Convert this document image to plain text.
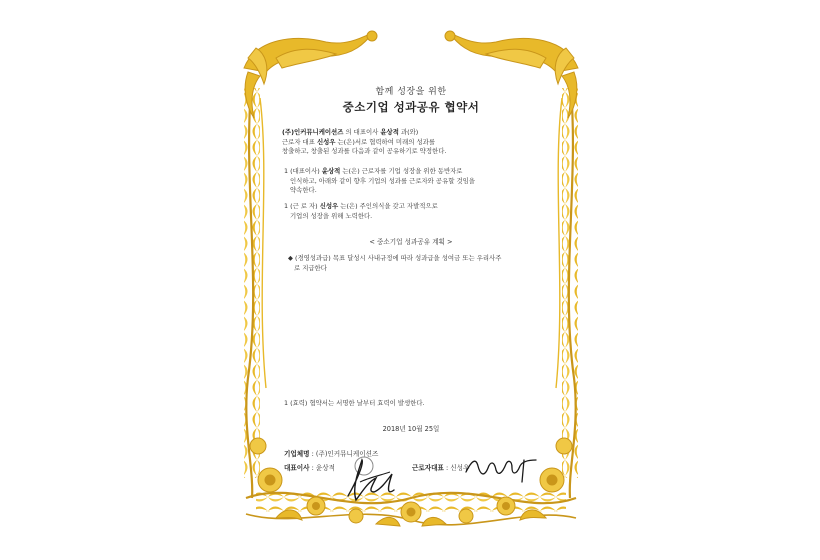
함께 성장을 위한
중소기업 성과공유 협약서
(주)인커뮤니케이션즈 의 대표이사 윤상적 과(와)
근로자 대표 신성우 는(은)서로 협력하여 미래의 성과를
창출하고, 창출된 성과를 다음과 같이 공유하기로 약정한다.
1 (대표이사) 윤상적 는(은) 근로자를 기업 성장을 위한 동반자로
인식하고, 아래와 같이 향후 기업의 성과를 근로자와 공유할 것임을
약속한다.
1 (근 로 자) 신성우 는(은) 주인의식을 갖고 자발적으로
기업의 성장을 위해 노력한다.
< 중소기업 성과공유 계획 >
◆ (경영성과급) 목표 달성시 사내규정에 따라 성과급을 성여금 또는 우리사주
로 지급한다
1 (효력) 협약서는 서명한 날부터 효력이 발생한다.
2018년 10월 25일
기업체명 : (주)인커뮤니케이션즈
대표이사 : 윤상적	근로자대표 : 신성우
